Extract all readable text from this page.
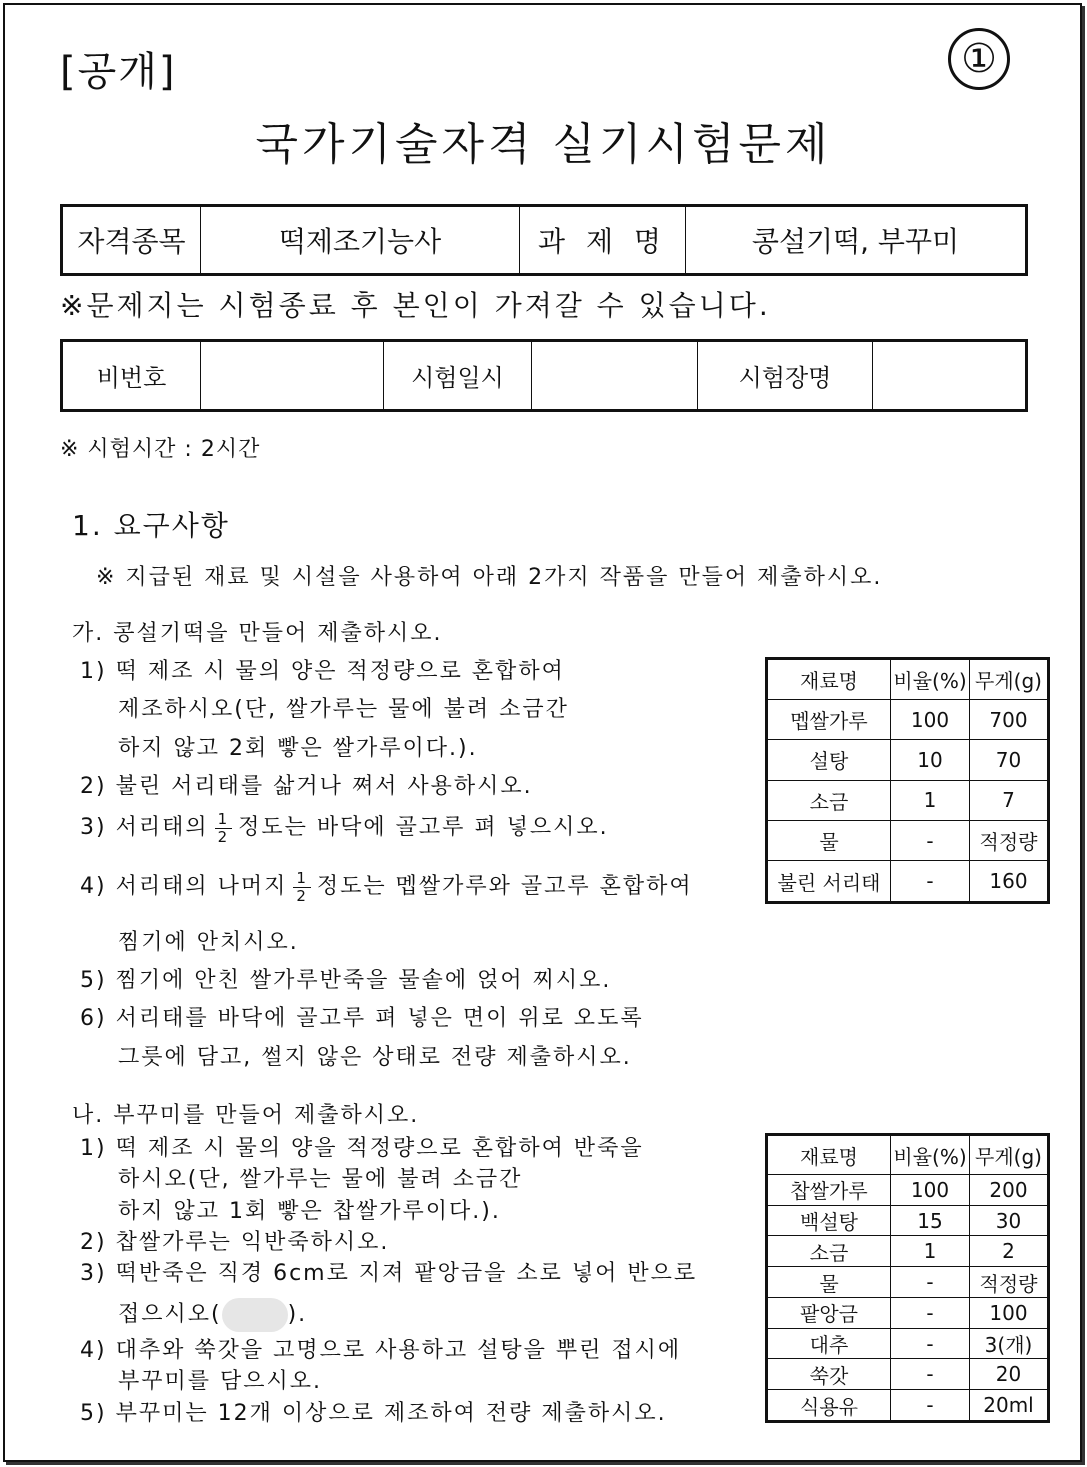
[공개]	①
국가기술자격 실기시험문제
자격종목	떡제조기능사	과 제 명	콩설기떡, 부꾸미
※문제지는 시험종료 후 본인이 가져갈 수 있습니다.
비번호		시험일시		시험장명	
※ 시험시간 : 2시간
1. 요구사항
※ 지급된 재료 및 시설을 사용하여 아래 2가지 작품을 만들어 제출하시오.
가. 콩설기떡을 만들어 제출하시오.
1) 떡 제조 시 물의 양은 적정량으로 혼합하여
제조하시오(단, 쌀가루는 물에 불려 소금간
하지 않고 2회 빻은 쌀가루이다.).
2) 불린 서리태를 삶거나 쪄서 사용하시오.
3) 서리태의 $\frac{1}{2}$ 정도는 바닥에 골고루 펴 넣으시오.
4) 서리태의 나머지 $\frac{1}{2}$ 정도는 멥쌀가루와 골고루 혼합하여
찜기에 안치시오.
5) 찜기에 안친 쌀가루반죽을 물솥에 얹어 찌시오.
6) 서리태를 바닥에 골고루 펴 넣은 면이 위로 오도록
그릇에 담고, 썰지 않은 상태로 전량 제출하시오.
재료명	비율(%)	무게(g)
멥쌀가루	100	700
설탕	10	70
소금	1	7
물	-	적정량
불린 서리태	-	160
나. 부꾸미를 만들어 제출하시오.
1) 떡 제조 시 물의 양을 적정량으로 혼합하여 반죽을
하시오(단, 쌀가루는 물에 불려 소금간
하지 않고 1회 빻은 찹쌀가루이다.).
2) 찹쌀가루는 익반죽하시오.
3) 떡반죽은 직경 6cm로 지져 팥앙금을 소로 넣어 반으로
접으시오(	).
4) 대추와 쑥갓을 고명으로 사용하고 설탕을 뿌린 접시에
부꾸미를 담으시오.
5) 부꾸미는 12개 이상으로 제조하여 전량 제출하시오.
재료명	비율(%)	무게(g)
찹쌀가루	100	200
백설탕	15	30
소금	1	2
물	-	적정량
팥앙금	-	100
대추	-	3(개)
쑥갓	-	20
식용유	-	20ml
